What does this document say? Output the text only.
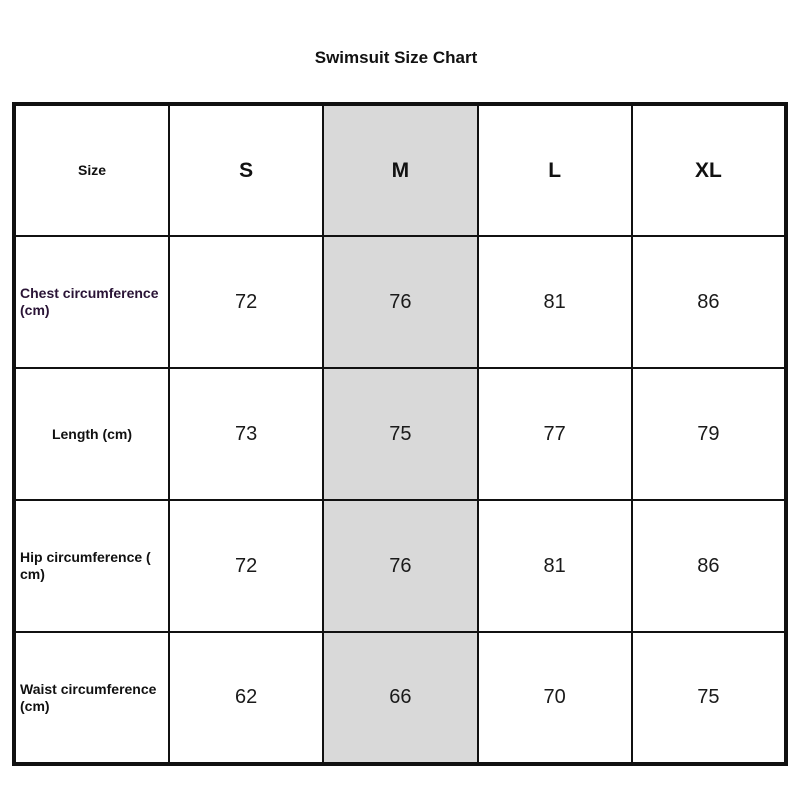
Swimsuit Size Chart
Size	S	M	L	XL
Chest circumference (cm)	72	76	81	86
Length (cm)	73	75	77	79
Hip circumference ( cm)	72	76	81	86
Waist circumference (cm)	62	66	70	75
